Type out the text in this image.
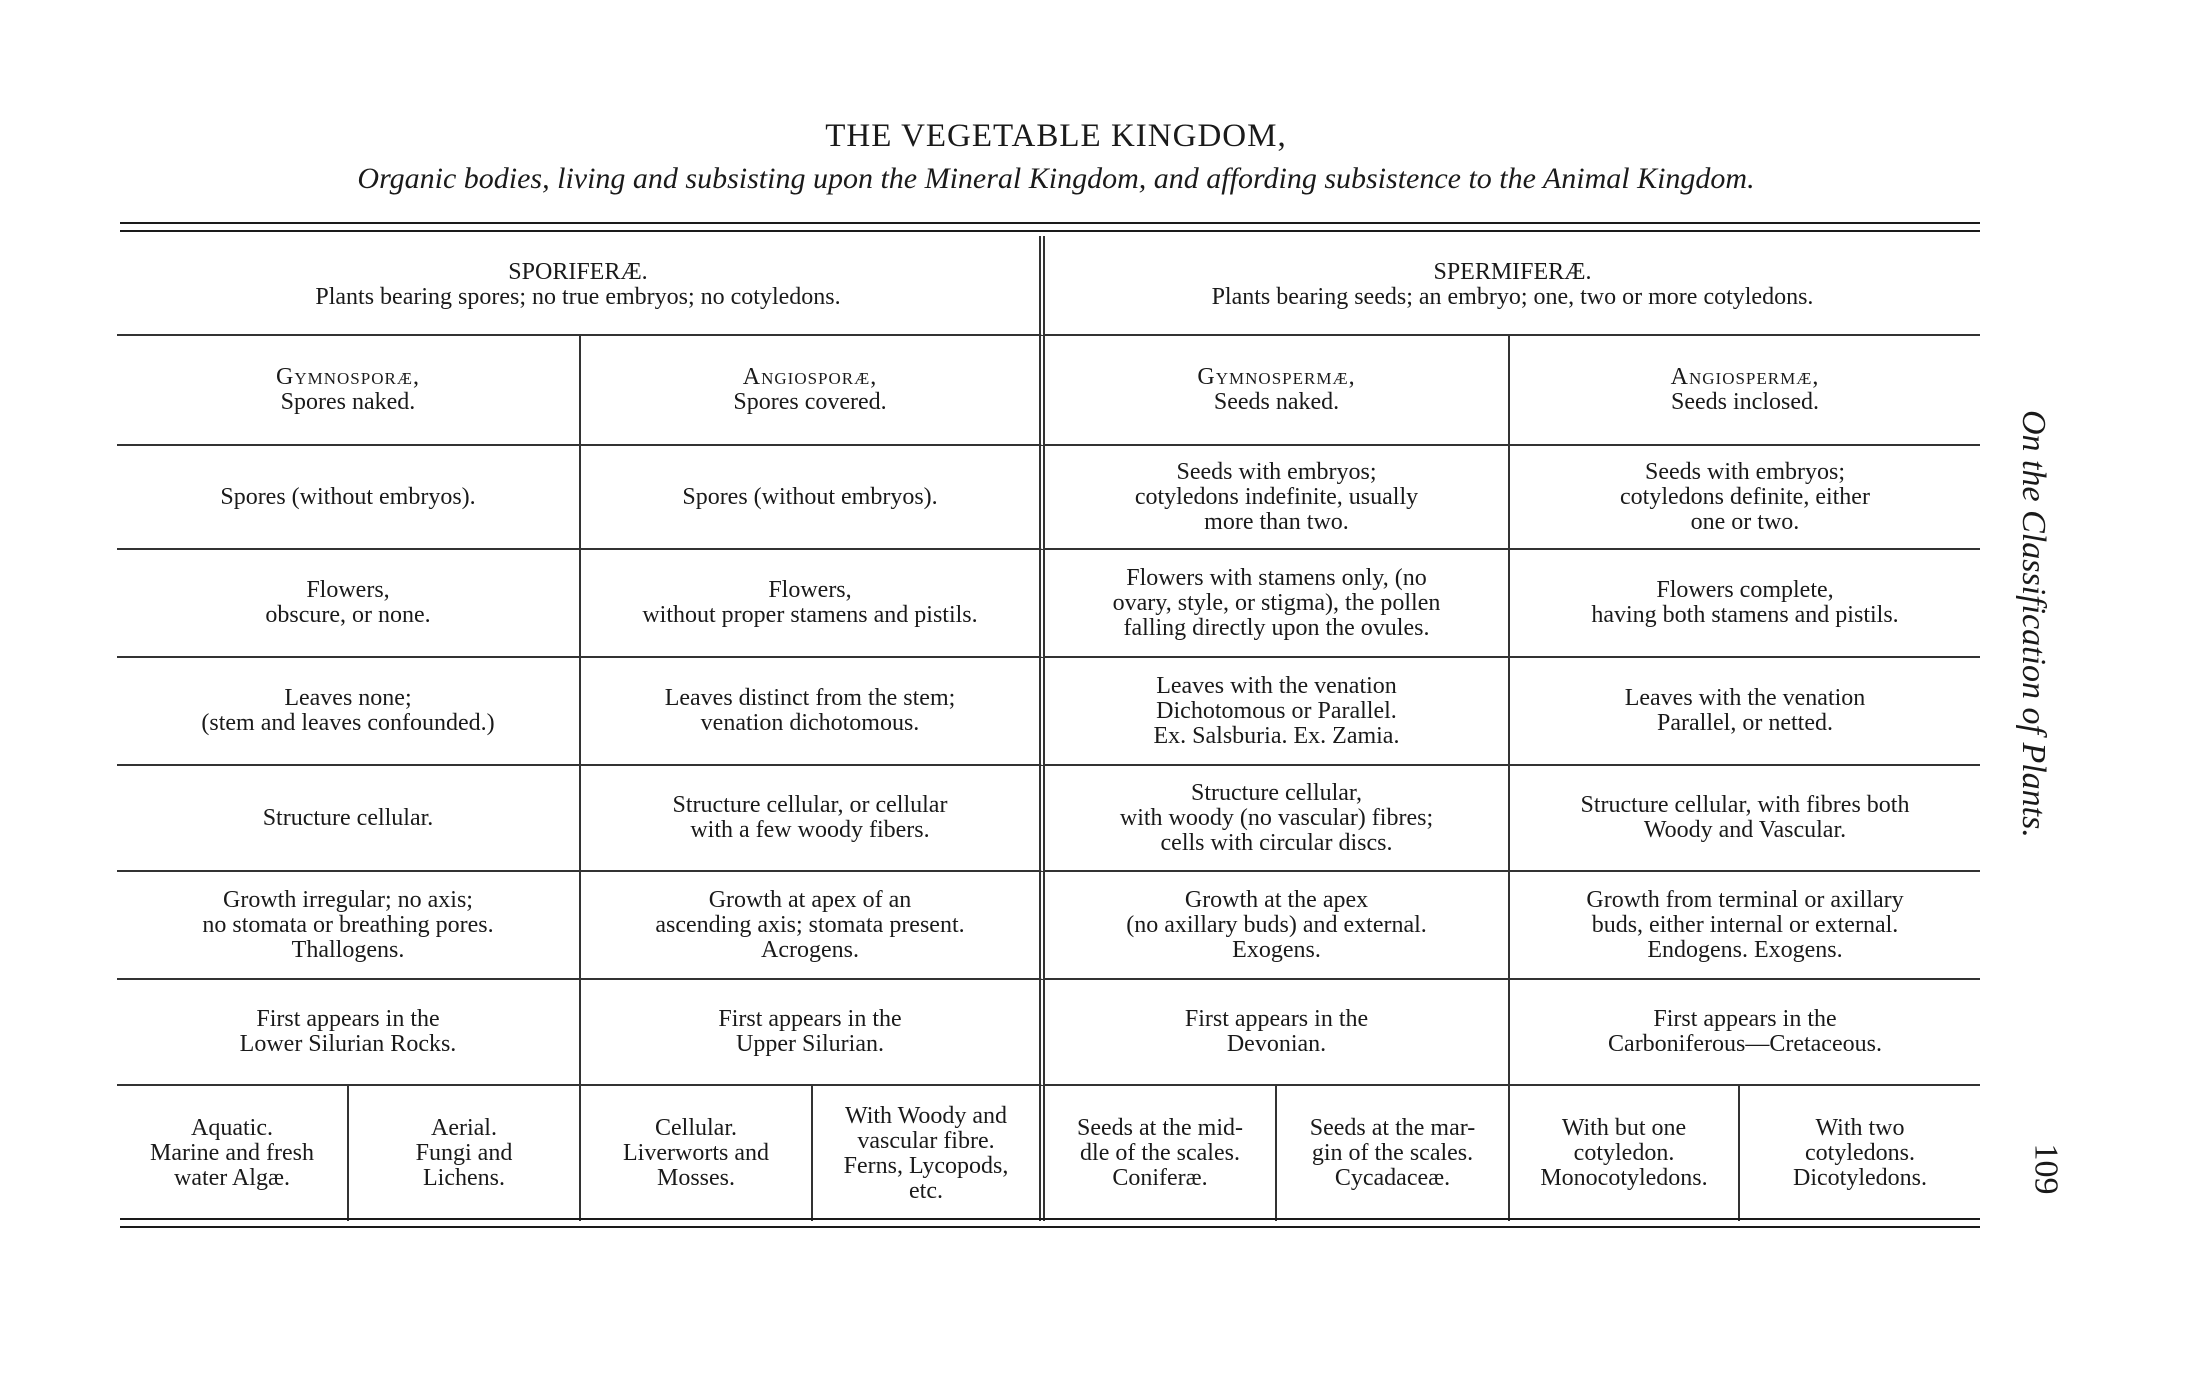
THE VEGETABLE KINGDOM,
Organic bodies, living and subsisting upon the Mineral Kingdom, and affording subsistence to the Animal Kingdom.
SPORIFERÆ.
Plants bearing spores; no true embryos; no cotyledons.
SPERMIFERÆ.
Plants bearing seeds; an embryo; one, two or more cotyledons.
Gymnosporæ,
Spores naked.
Angiosporæ,
Spores covered.
Gymnospermæ,
Seeds naked.
Angiospermæ,
Seeds inclosed.
Spores (without embryos).	Spores (without embryos).
Seeds with embryos;
cotyledons indefinite, usually
more than two.
Seeds with embryos;
cotyledons definite, either
one or two.
Flowers,
obscure, or none.
Flowers,
without proper stamens and pistils.
Flowers with stamens only, (no
ovary, style, or stigma), the pollen
falling directly upon the ovules.
Flowers complete,
having both stamens and pistils.
Leaves none;
(stem and leaves confounded.)
Leaves distinct from the stem;
venation dichotomous.
Leaves with the venation
Dichotomous or Parallel.
Ex. Salsburia. Ex. Zamia.
Leaves with the venation
Parallel, or netted.
Structure cellular.	Structure cellular, or cellular
with a few woody fibers.
Structure cellular,
with woody (no vascular) fibres;
cells with circular discs.
Structure cellular, with fibres both
Woody and Vascular.
Growth irregular; no axis;
no stomata or breathing pores.
Thallogens.
Growth at apex of an
ascending axis; stomata present.
Acrogens.
Growth at the apex
(no axillary buds) and external.
Exogens.
Growth from terminal or axillary
buds, either internal or external.
Endogens. Exogens.
First appears in the
Lower Silurian Rocks.
First appears in the
Upper Silurian.
First appears in the
Devonian.
First appears in the
Carboniferous—Cretaceous.
Aquatic.
Marine and fresh
water Algæ.
Aerial.
Fungi and
Lichens.
Cellular.
Liverworts and
Mosses.
With Woody and
vascular fibre.
Ferns, Lycopods,
etc.
Seeds at the mid-
dle of the scales.
Coniferæ.
Seeds at the mar-
gin of the scales.
Cycadaceæ.
With but one
cotyledon.
Monocotyledons.
With two
cotyledons.
Dicotyledons.
On the Classification of Plants.
109
